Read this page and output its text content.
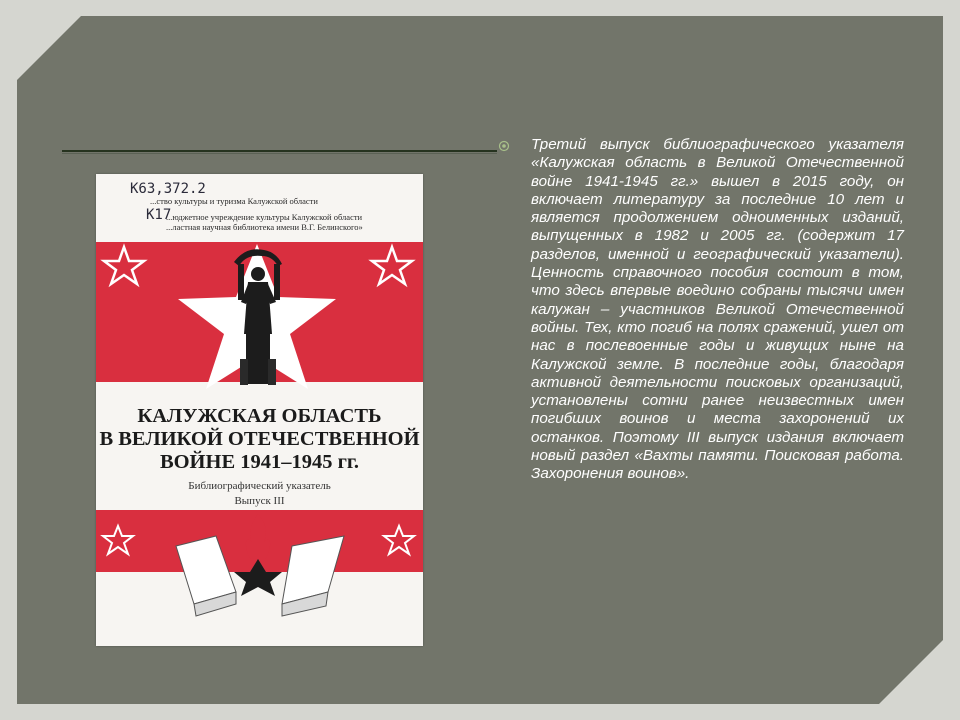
К63,372.2
К17
...ство культуры и туризма Калужской области
...юджетное учреждение культуры Калужской области
...ластная научная библиотека имени В.Г. Белинского»
КАЛУЖСКАЯ ОБЛАСТЬ
В ВЕЛИКОЙ ОТЕЧЕСТВЕННОЙ
ВОЙНЕ 1941–1945 гг.
Библиографический указатель
Выпуск III
Третий выпуск библиографического указателя «Калужская область в Великой Отечественной войне 1941-1945 гг.» вышел в 2015 году, он включает литературу за последние 10 лет и является продолжением одноименных изданий, выпущенных в 1982 и 2005 гг. (содержит 17 разделов, именной и географический указатели). Ценность справочного пособия состоит в том, что здесь впервые воедино собраны тысячи имен калужан – участников Великой Отечественной войны. Тех, кто погиб на полях сражений, ушел от нас в послевоенные годы и живущих ныне на Калужской земле. В последние годы, благодаря активной деятельности поисковых организаций, установлены сотни ранее неизвестных имен погибших воинов и места захоронений их останков. Поэтому III выпуск издания включает новый раздел «Вахты памяти. Поисковая работа. Захоронения воинов».
